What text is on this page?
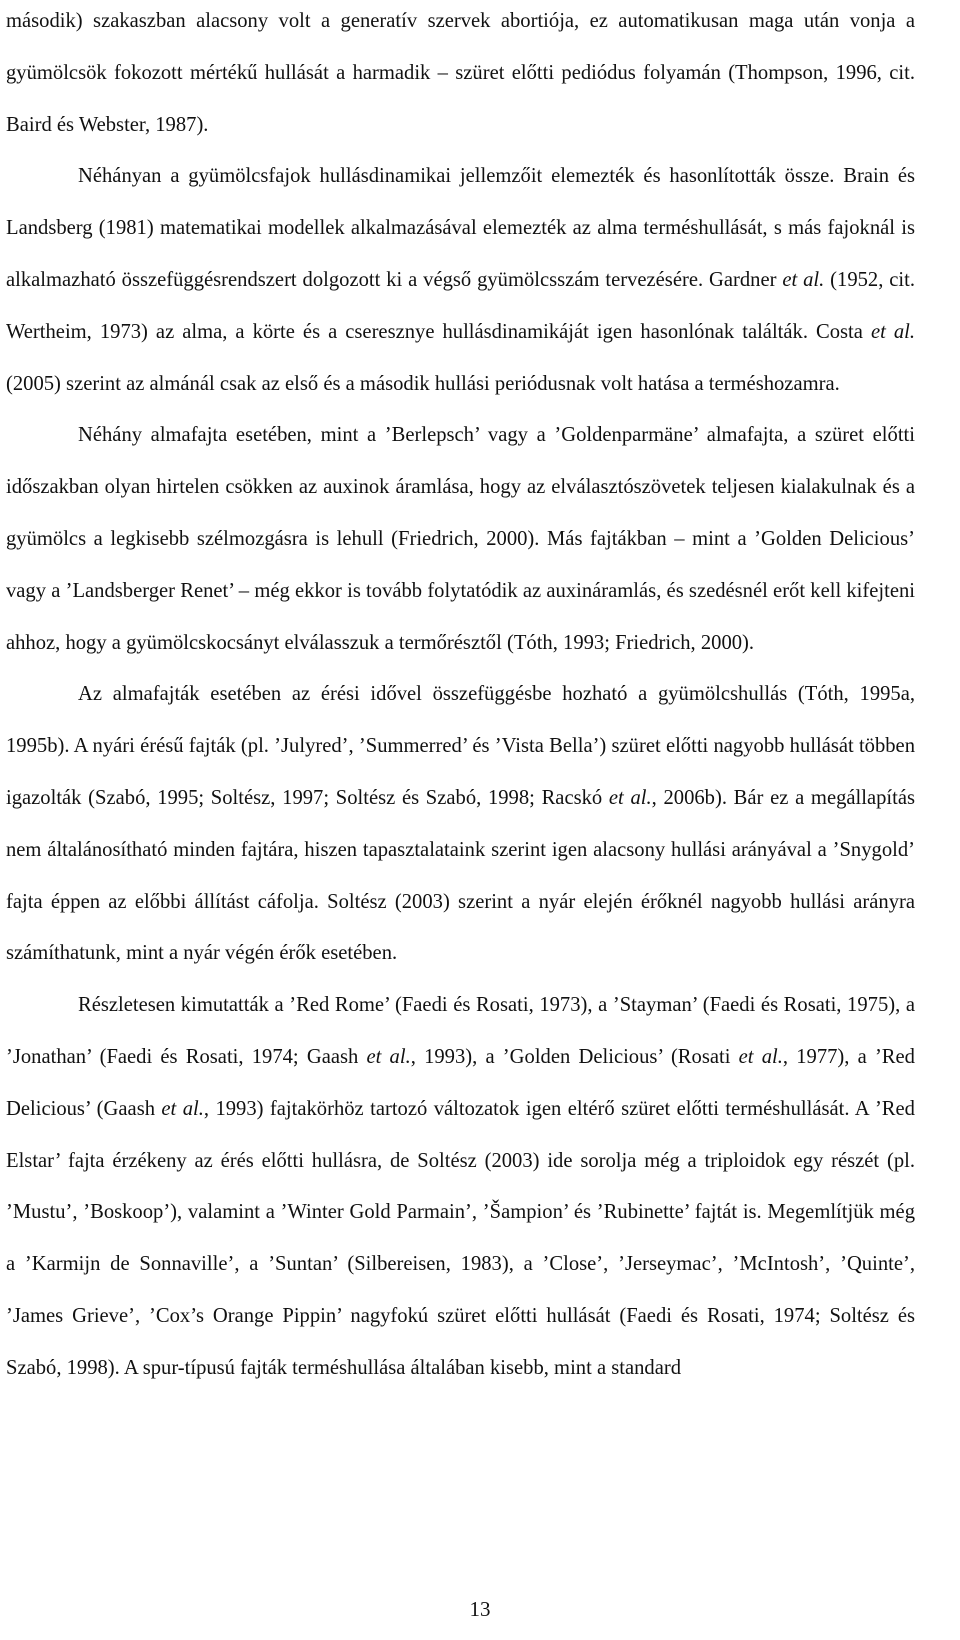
második) szakaszban alacsony volt a generatív szervek abortiója, ez automatikusan maga után vonja a gyümölcsök fokozott mértékű hullását a harmadik – szüret előtti pediódus folyamán (Thompson, 1996, cit. Baird és Webster, 1987).

Néhányan a gyümölcsfajok hullásdinamikai jellemzőit elemezték és hasonlították össze. Brain és Landsberg (1981) matematikai modellek alkalmazásával elemezték az alma terméshullását, s más fajoknál is alkalmazható összefüggésrendszert dolgozott ki a végső gyümölcsszám tervezésére. Gardner et al. (1952, cit. Wertheim, 1973) az alma, a körte és a cseresznye hullásdinamikáját igen hasonlónak találták. Costa et al. (2005) szerint az almánál csak az első és a második hullási periódusnak volt hatása a terméshozamra.

Néhány almafajta esetében, mint a ’Berlepsch’ vagy a ’Goldenparmäne’ almafajta, a szüret előtti időszakban olyan hirtelen csökken az auxinok áramlása, hogy az elválasztószövetek teljesen kialakulnak és a gyümölcs a legkisebb szélmozgásra is lehull (Friedrich, 2000). Más fajtákban – mint a ’Golden Delicious’ vagy a ’Landsberger Renet’ – még ekkor is tovább folytatódik az auxináramlás, és szedésnél erőt kell kifejteni ahhoz, hogy a gyümölcskocsányt elválasszuk a termőrésztől (Tóth, 1993; Friedrich, 2000).

Az almafajták esetében az érési idővel összefüggésbe hozható a gyümölcshullás (Tóth, 1995a, 1995b). A nyári érésű fajták (pl. ’Julyred’, ’Summerred’ és ’Vista Bella’) szüret előtti nagyobb hullását többen igazolták (Szabó, 1995; Soltész, 1997; Soltész és Szabó, 1998; Racskó et al., 2006b). Bár ez a megállapítás nem általánosítható minden fajtára, hiszen tapasztalataink szerint igen alacsony hullási arányával a ’Snygold’ fajta éppen az előbbi állítást cáfolja. Soltész (2003) szerint a nyár elején érőknél nagyobb hullási arányra számíthatunk, mint a nyár végén érők esetében.

Részletesen kimutatták a ’Red Rome’ (Faedi és Rosati, 1973), a ’Stayman’ (Faedi és Rosati, 1975), a ’Jonathan’ (Faedi és Rosati, 1974; Gaash et al., 1993), a ’Golden Delicious’ (Rosati et al., 1977), a ’Red Delicious’ (Gaash et al., 1993) fajtakörhöz tartozó változatok igen eltérő szüret előtti terméshullását. A ’Red Elstar’ fajta érzékeny az érés előtti hullásra, de Soltész (2003) ide sorolja még a triploidok egy részét (pl. ’Mustu’, ’Boskoop’), valamint a ’Winter Gold Parmain’, ’Šampion’ és ’Rubinette’ fajtát is. Megemlítjük még a ’Karmijn de Sonnaville’, a ’Suntan’ (Silbereisen, 1983), a ’Close’, ’Jerseymac’, ’McIntosh’, ’Quinte’, ’James Grieve’, ’Cox’s Orange Pippin’ nagyfokú szüret előtti hullását (Faedi és Rosati, 1974; Soltész és Szabó, 1998). A spur-típusú fajták terméshullása általában kisebb, mint a standard

13
